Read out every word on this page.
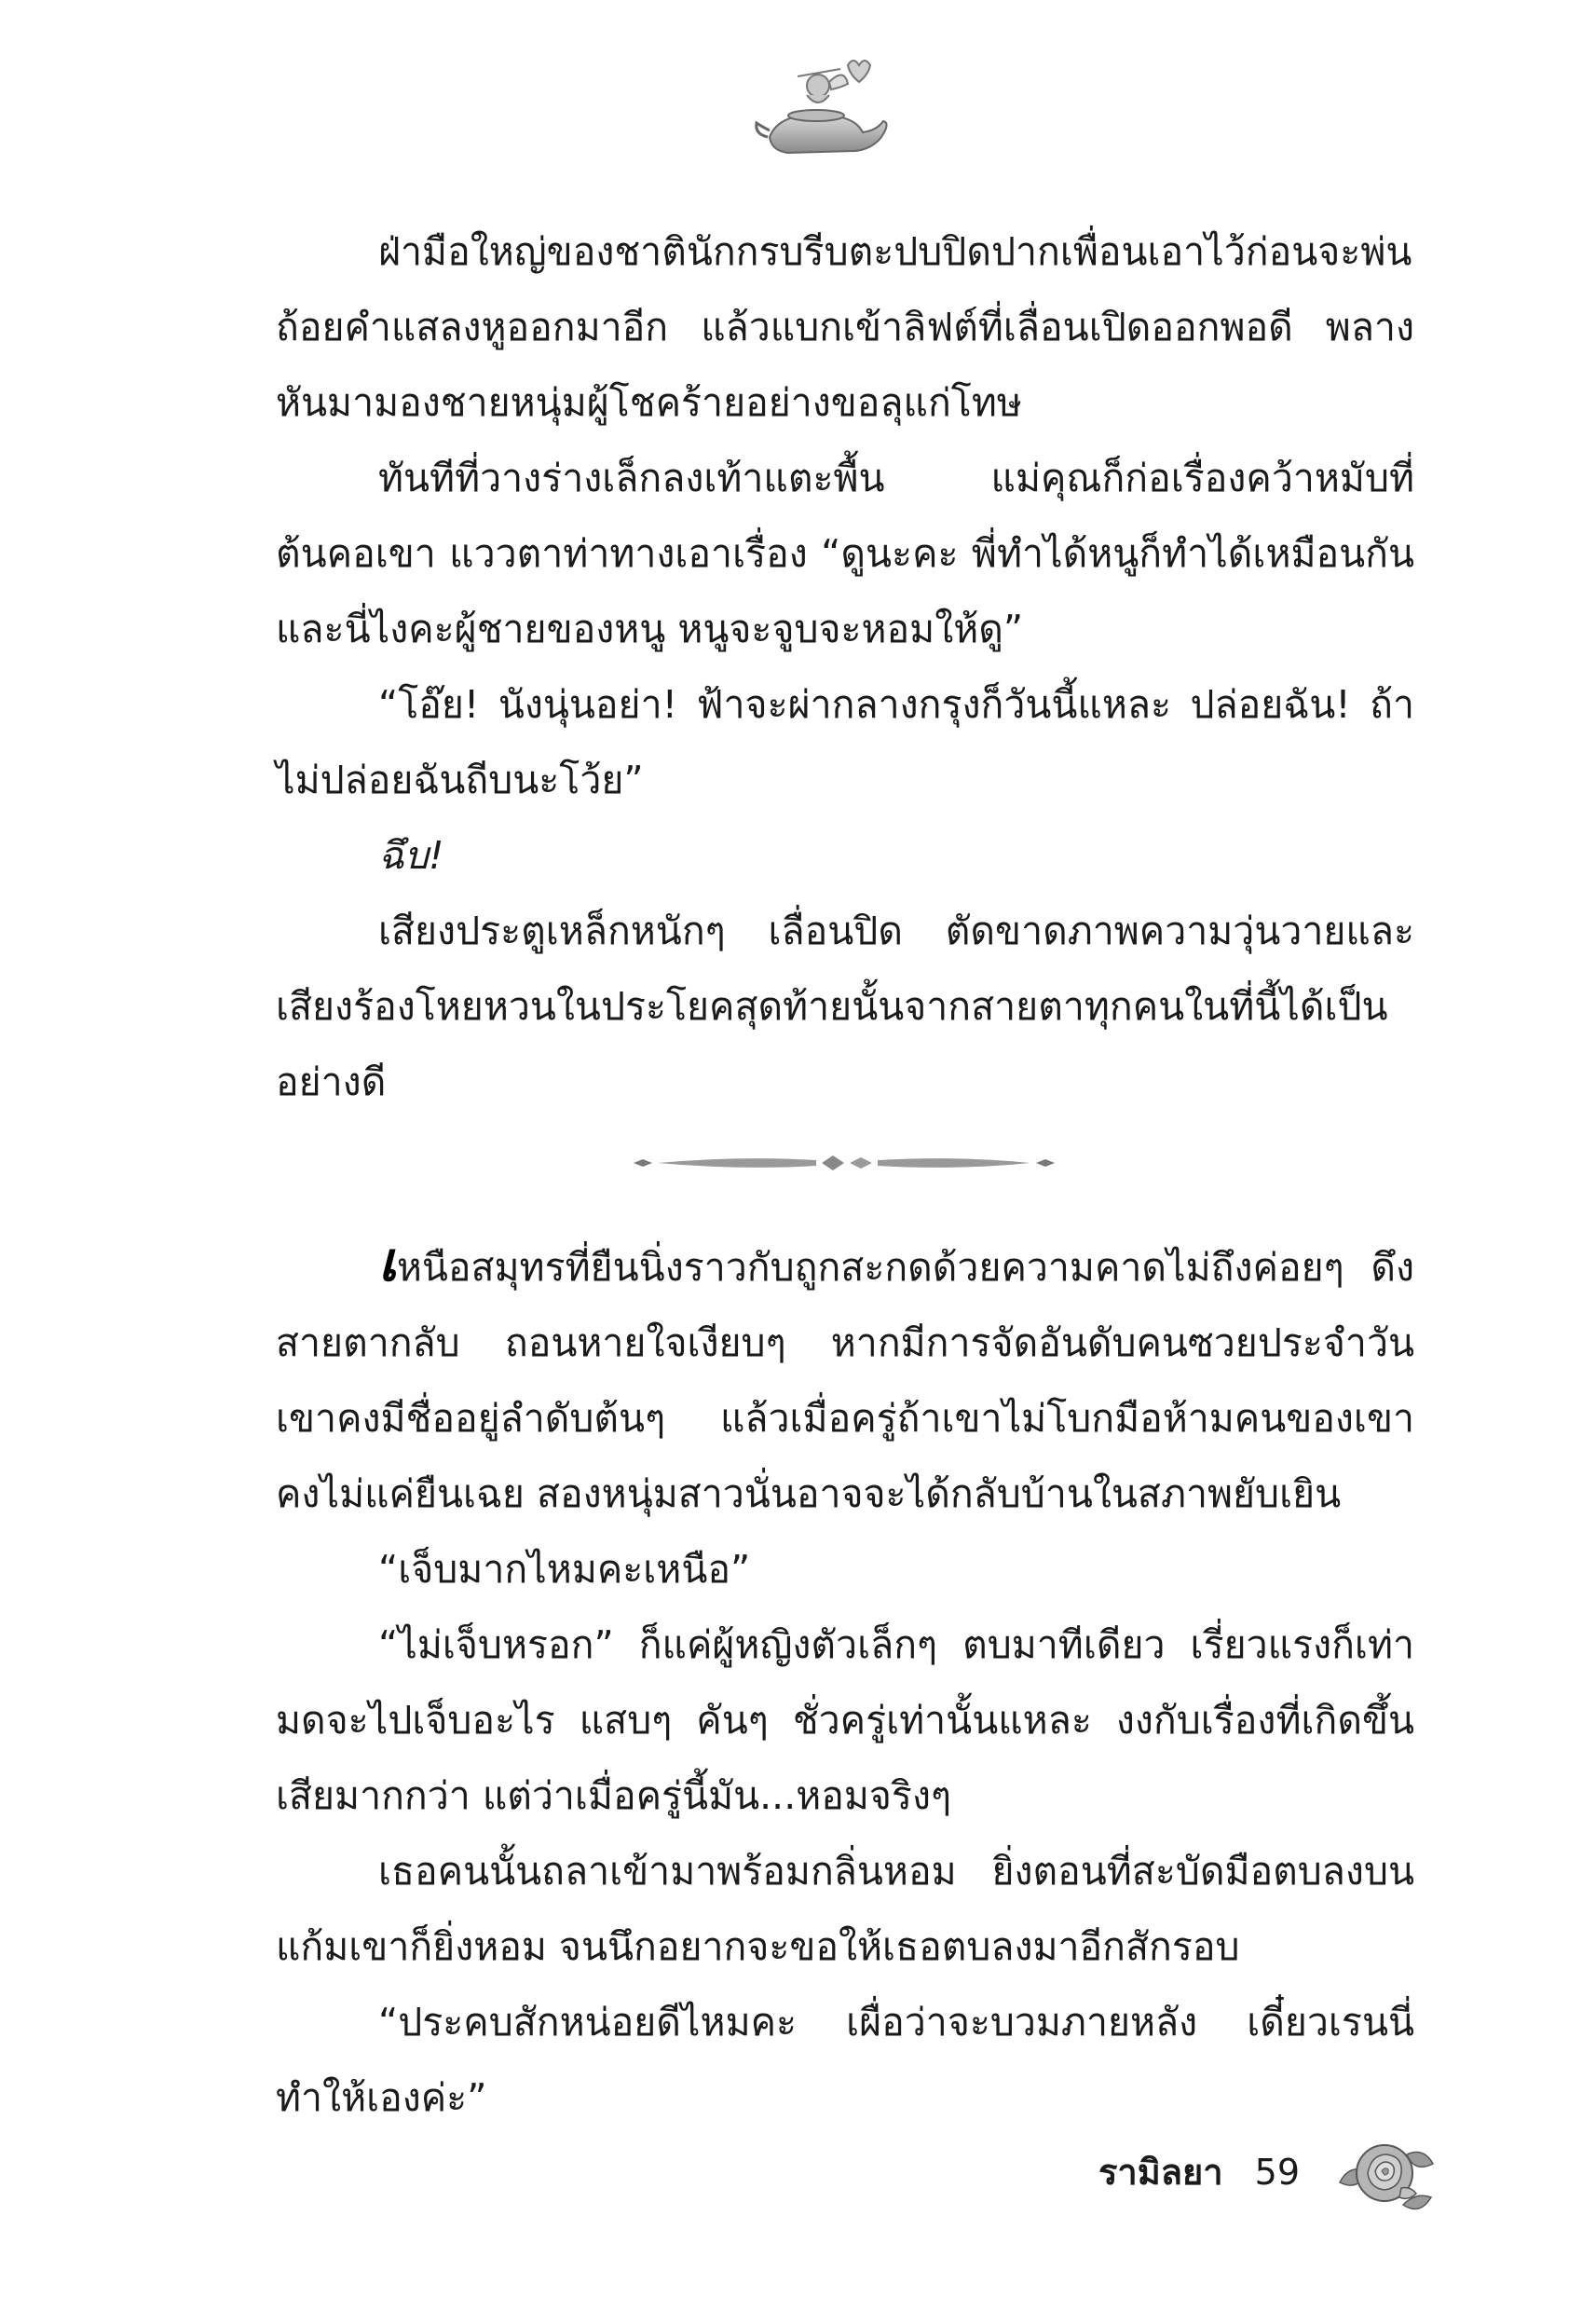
ฝ่ามือใหญ่ของชาตินักกรบรีบตะปบปิดปากเพื่อนเอาไว้ก่อนจะพ่นถ้อยคำแสลงหูออกมาอีก แล้วแบกเข้าลิฟต์ที่เลื่อนเปิดออกพอดี พลางหันมามองชายหนุ่มผู้โชคร้ายอย่างขอลุแก่โทษ

ทันทีที่วางร่างเล็กลงเท้าแตะพื้น แม่คุณก็ก่อเรื่องคว้าหมับที่ต้นคอเขา แววตาท่าทางเอาเรื่อง “ดูนะคะ พี่ทำได้หนูก็ทำได้เหมือนกัน และนี่ไงคะผู้ชายของหนู หนูจะจูบจะหอมให้ดู”

“โอ๊ย! นังนุ่นอย่า! ฟ้าจะผ่ากลางกรุงก็วันนี้แหละ ปล่อยฉัน! ถ้าไม่ปล่อยฉันถีบนะโว้ย”

ฉึบ!

เสียงประตูเหล็กหนักๆ เลื่อนปิด ตัดขาดภาพความวุ่นวายและเสียงร้องโหยหวนในประโยคสุดท้ายนั้นจากสายตาทุกคนในที่นี้ได้เป็นอย่างดี

เหนือสมุทรที่ยืนนิ่งราวกับถูกสะกดด้วยความคาดไม่ถึงค่อยๆ ดึงสายตากลับ ถอนหายใจเงียบๆ หากมีการจัดอันดับคนซวยประจำวัน เขาคงมีชื่ออยู่ลำดับต้นๆ แล้วเมื่อครู่ถ้าเขาไม่โบกมือห้ามคนของเขาคงไม่แค่ยืนเฉย สองหนุ่มสาวนั่นอาจจะได้กลับบ้านในสภาพยับเยิน

“เจ็บมากไหมคะเหนือ”

“ไม่เจ็บหรอก” ก็แค่ผู้หญิงตัวเล็กๆ ตบมาทีเดียว เรี่ยวแรงก็เท่ามดจะไปเจ็บอะไร แสบๆ คันๆ ชั่วครู่เท่านั้นแหละ งงกับเรื่องที่เกิดขึ้นเสียมากกว่า แต่ว่าเมื่อครู่นี้มัน...หอมจริงๆ

เธอคนนั้นถลาเข้ามาพร้อมกลิ่นหอม ยิ่งตอนที่สะบัดมือตบลงบนแก้มเขาก็ยิ่งหอม จนนึกอยากจะขอให้เธอตบลงมาอีกสักรอบ

“ประคบสักหน่อยดีไหมคะ เผื่อว่าจะบวมภายหลัง เดี๋ยวเรนนี่ทำให้เองค่ะ”

รามิลยา 59
